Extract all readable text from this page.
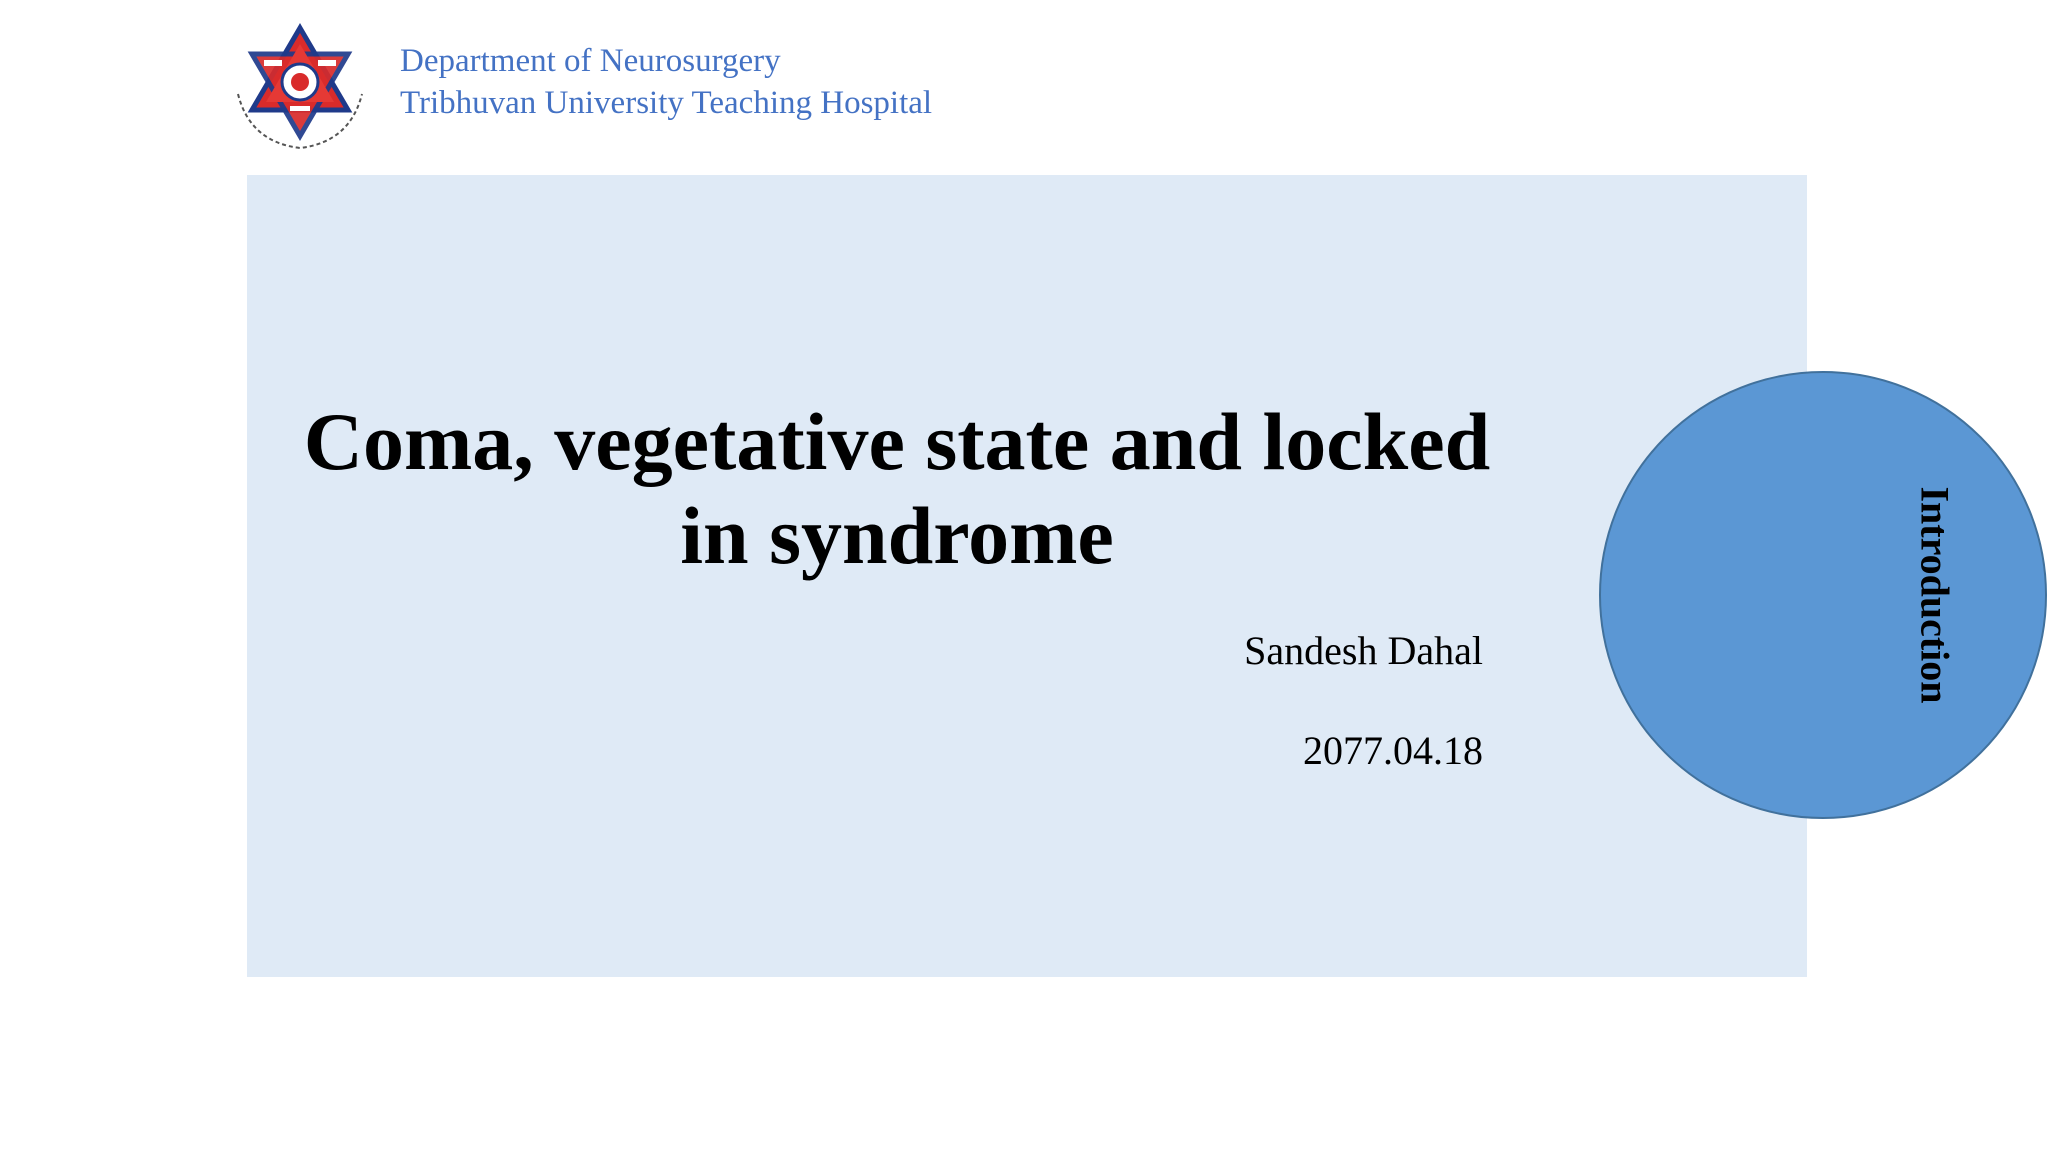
Department of Neurosurgery
Tribhuvan University Teaching Hospital
Coma, vegetative state and locked
in syndrome
Sandesh Dahal
2077.04.18
Introduction
